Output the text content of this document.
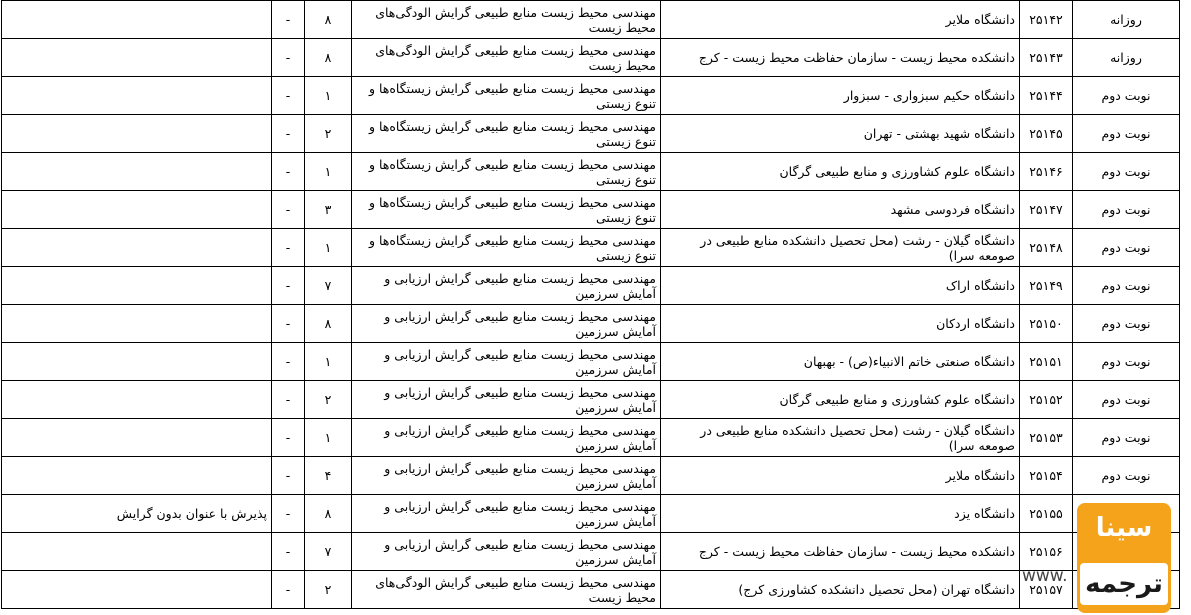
روزانه	۲۵۱۴۲	دانشگاه ملایر	مهندسی محیط زیست منابع طبیعی گرایش الودگی‌های محیط زیست	۸	-	
روزانه	۲۵۱۴۳	دانشکده محیط زیست - سازمان حفاظت محیط زیست - کرج	مهندسی محیط زیست منابع طبیعی گرایش الودگی‌های محیط زیست	۸	-	
نوبت دوم	۲۵۱۴۴	دانشگاه حکیم سبزواری - سبزوار	مهندسی محیط زیست منابع طبیعی گرایش زیستگاه‌ها و تنوع زیستی	۱	-	
نوبت دوم	۲۵۱۴۵	دانشگاه شهید بهشتی - تهران	مهندسی محیط زیست منابع طبیعی گرایش زیستگاه‌ها و تنوع زیستی	۲	-	
نوبت دوم	۲۵۱۴۶	دانشگاه علوم کشاورزی و منابع طبیعی گرگان	مهندسی محیط زیست منابع طبیعی گرایش زیستگاه‌ها و تنوع زیستی	۱	-	
نوبت دوم	۲۵۱۴۷	دانشگاه فردوسی مشهد	مهندسی محیط زیست منابع طبیعی گرایش زیستگاه‌ها و تنوع زیستی	۳	-	
نوبت دوم	۲۵۱۴۸	دانشگاه گیلان - رشت (محل تحصیل دانشکده منابع طبیعی در صومعه سرا)	مهندسی محیط زیست منابع طبیعی گرایش زیستگاه‌ها و تنوع زیستی	۱	-	
نوبت دوم	۲۵۱۴۹	دانشگاه اراک	مهندسی محیط زیست منابع طبیعی گرایش ارزیابی و آمایش سرزمین	۷	-	
نوبت دوم	۲۵۱۵۰	دانشگاه اردکان	مهندسی محیط زیست منابع طبیعی گرایش ارزیابی و آمایش سرزمین	۸	-	
نوبت دوم	۲۵۱۵۱	دانشگاه صنعتی خاتم الانبیاء(ص) - بهبهان	مهندسی محیط زیست منابع طبیعی گرایش ارزیابی و آمایش سرزمین	۱	-	
نوبت دوم	۲۵۱۵۲	دانشگاه علوم کشاورزی و منابع طبیعی گرگان	مهندسی محیط زیست منابع طبیعی گرایش ارزیابی و آمایش سرزمین	۲	-	
نوبت دوم	۲۵۱۵۳	دانشگاه گیلان - رشت (محل تحصیل دانشکده منابع طبیعی در صومعه سرا)	مهندسی محیط زیست منابع طبیعی گرایش ارزیابی و آمایش سرزمین	۱	-	
نوبت دوم	۲۵۱۵۴	دانشگاه ملایر	مهندسی محیط زیست منابع طبیعی گرایش ارزیابی و آمایش سرزمین	۴	-	
	۲۵۱۵۵	دانشگاه یزد	مهندسی محیط زیست منابع طبیعی گرایش ارزیابی و آمایش سرزمین	۸	-	پذیرش با عنوان بدون گرایش
	۲۵۱۵۶	دانشکده محیط زیست - سازمان حفاظت محیط زیست - کرج	مهندسی محیط زیست منابع طبیعی گرایش ارزیابی و آمایش سرزمین	۷	-	
	۲۵۱۵۷	دانشگاه تهران (محل تحصیل دانشکده کشاورزی کرج)	مهندسی محیط زیست منابع طبیعی گرایش الودگی‌های محیط زیست	۲	-	
www.
سینا
ترجمه
